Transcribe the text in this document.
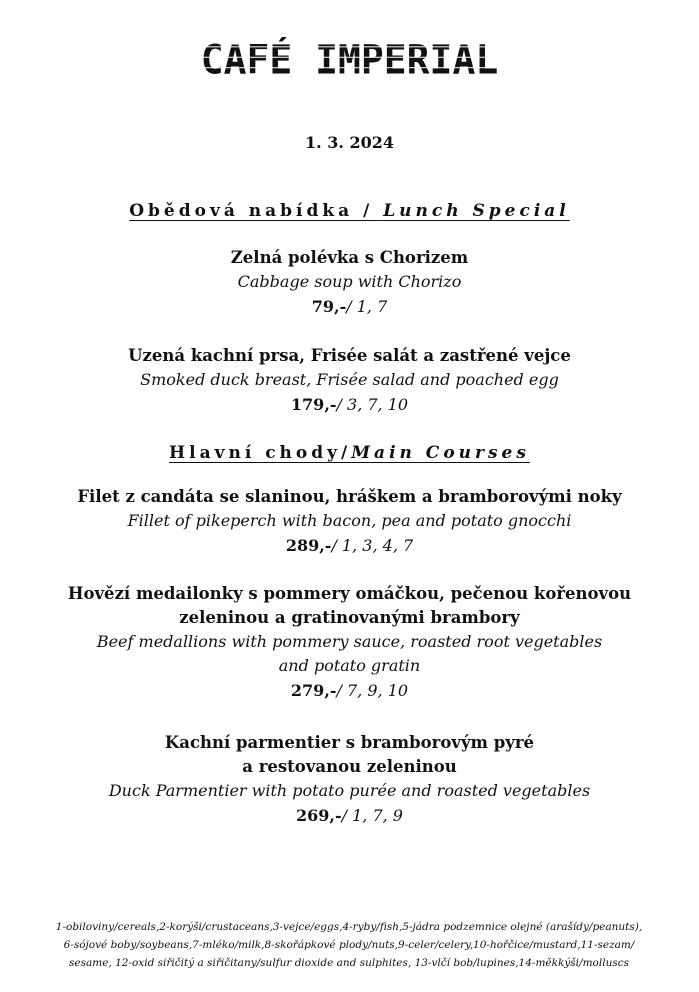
CAFÉ IMPERIAL
1. 3. 2024
Obědová nabídka / Lunch Special
Zelná polévka s Chorizem
Cabbage soup with Chorizo
79,-/ 1, 7
Uzená kachní prsa, Frisée salát a zastřené vejce
Smoked duck breast, Frisée salad and poached egg
179,-/ 3, 7, 10
Hlavní chody/Main Courses
Filet z candáta se slaninou, hráškem a bramborovými noky
Fillet of pikeperch with bacon, pea and potato gnocchi
289,-/ 1, 3, 4, 7
Hovězí medailonky s pommery omáčkou, pečenou kořenovou
zeleninou a gratinovanými brambory
Beef medallions with pommery sauce, roasted root vegetables
and potato gratin
279,-/ 7, 9, 10
Kachní parmentier s bramborovým pyré
a restovanou zeleninou
Duck Parmentier with potato purée and roasted vegetables
269,-/ 1, 7, 9
1-obiloviny/cereals,2-korýši/crustaceans,3-vejce/eggs,4-ryby/fish,5-jádra podzemnice olejné (arašídy/peanuts),
6-sójové boby/soybeans,7-mléko/milk,8-skořápkové plody/nuts,9-celer/celery,10-hořčice/mustard,11-sezam/
sesame, 12-oxid siřičitý a siřičitany/sulfur dioxide and sulphites, 13-vlčí bob/lupines,14-měkkýši/molluscs
